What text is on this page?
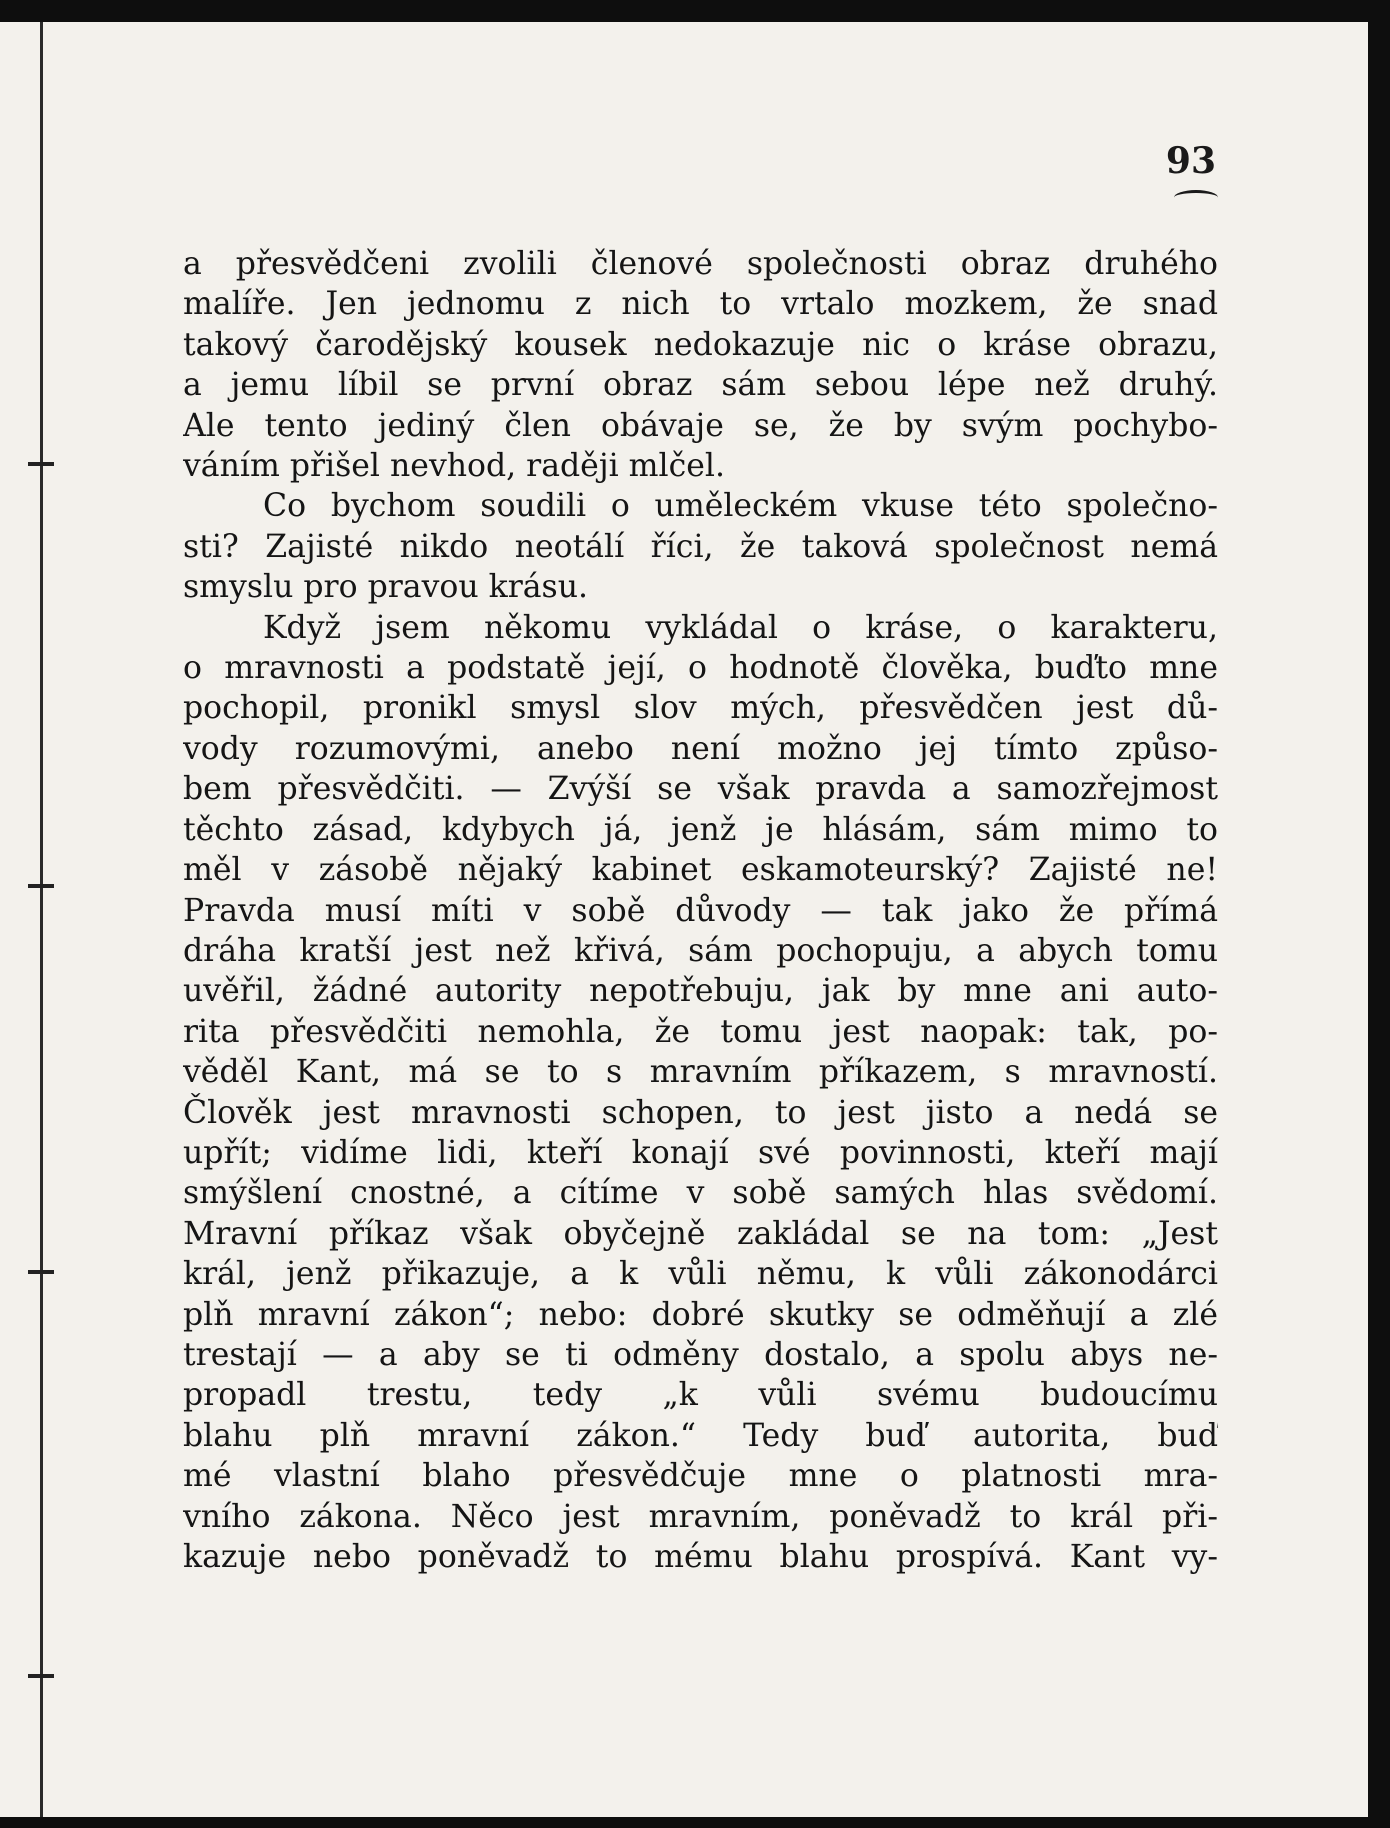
93
a přesvědčeni zvolili členové společnosti obraz druhého
malíře. Jen jednomu z nich to vrtalo mozkem, že snad
takový čarodějský kousek nedokazuje nic o kráse obrazu,
a jemu líbil se první obraz sám sebou lépe než druhý.
Ale tento jediný člen obávaje se, že by svým pochybo-
váním přišel nevhod, raději mlčel.
Co bychom soudili o uměleckém vkuse této společno-
sti? Zajisté nikdo neotálí říci, že taková společnost nemá
smyslu pro pravou krásu.
Když jsem někomu vykládal o kráse, o karakteru,
o mravnosti a podstatě její, o hodnotě člověka, buďto mne
pochopil, pronikl smysl slov mých, přesvědčen jest dů-
vody rozumovými, anebo není možno jej tímto způso-
bem přesvědčiti. — Zvýší se však pravda a samozřejmost
těchto zásad, kdybych já, jenž je hlásám, sám mimo to
měl v zásobě nějaký kabinet eskamoteurský? Zajisté ne!
Pravda musí míti v sobě důvody — tak jako že přímá
dráha kratší jest než křivá, sám pochopuju, a abych tomu
uvěřil, žádné autority nepotřebuju, jak by mne ani auto-
rita přesvědčiti nemohla, že tomu jest naopak: tak, po-
věděl Kant, má se to s mravním příkazem, s mravností.
Člověk jest mravnosti schopen, to jest jisto a nedá se
upřít; vidíme lidi, kteří konají své povinnosti, kteří mají
smýšlení cnostné, a cítíme v sobě samých hlas svědomí.
Mravní příkaz však obyčejně zakládal se na tom: „Jest
král, jenž přikazuje, a k vůli němu, k vůli zákonodárci
plň mravní zákon“; nebo: dobré skutky se odměňují a zlé
trestají — a aby se ti odměny dostalo, a spolu abys ne-
propadl trestu, tedy „k vůli svému budoucímu
blahu plň mravní zákon.“ Tedy buď autorita, buď
mé vlastní blaho přesvědčuje mne o platnosti mra-
vního zákona. Něco jest mravním, poněvadž to král při-
kazuje nebo poněvadž to mému blahu prospívá. Kant vy-
